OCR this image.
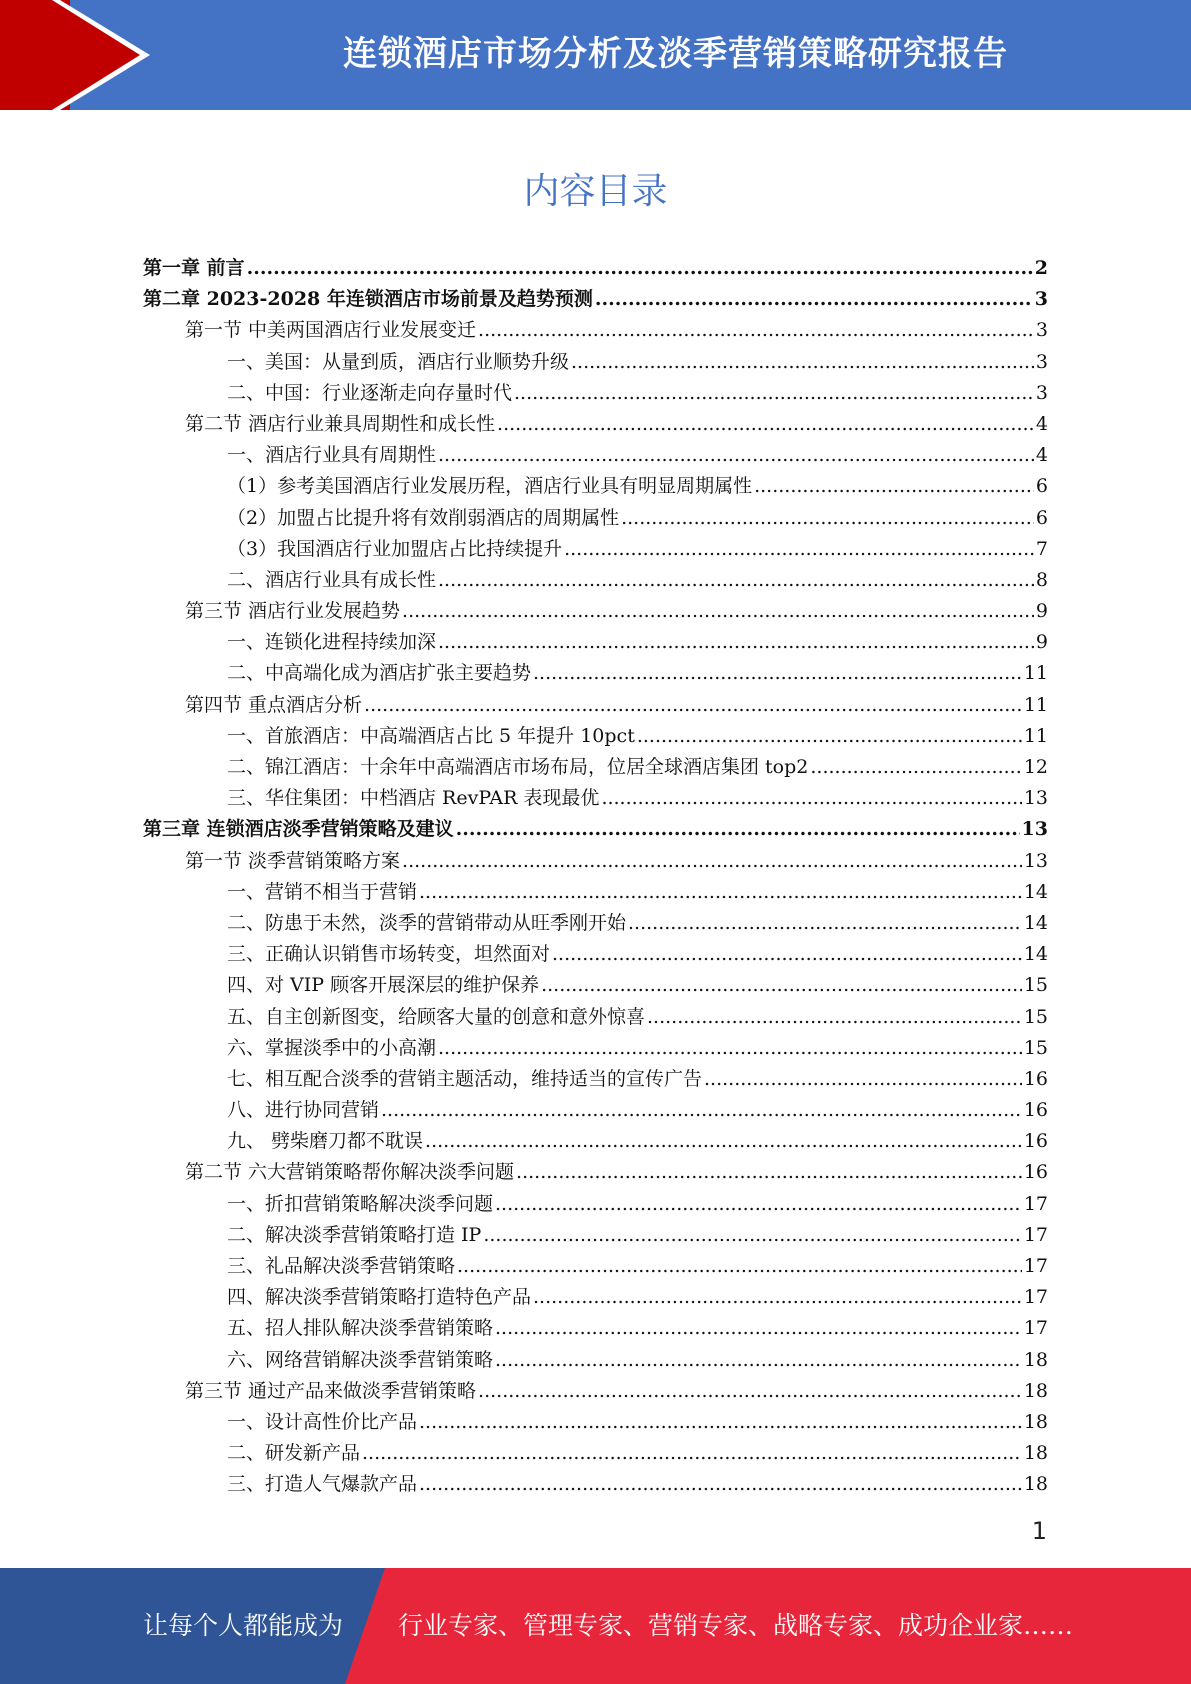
连锁酒店市场分析及淡季营销策略研究报告
内容目录
第一章 前言 .....	2
第二章 2023-2028 年连锁酒店市场前景及趋势预测 .....	3
第一节 中美两国酒店行业发展变迁 .....	3
一、美国：从量到质，酒店行业顺势升级 .....	3
二、中国：行业逐渐走向存量时代 .....	3
第二节 酒店行业兼具周期性和成长性 .....	4
一、酒店行业具有周期性 .....	4
（1）参考美国酒店行业发展历程，酒店行业具有明显周期属性 .....	6
（2）加盟占比提升将有效削弱酒店的周期属性 .....	6
（3）我国酒店行业加盟店占比持续提升 .....	7
二、酒店行业具有成长性 .....	8
第三节 酒店行业发展趋势 .....	9
一、连锁化进程持续加深 .....	9
二、中高端化成为酒店扩张主要趋势 .....	11
第四节 重点酒店分析 .....	11
一、首旅酒店：中高端酒店占比 5 年提升 10pct .....	11
二、锦江酒店：十余年中高端酒店市场布局，位居全球酒店集团 top2 .....	12
三、华住集团：中档酒店 RevPAR 表现最优 .....	13
第三章 连锁酒店淡季营销策略及建议 .....	13
第一节 淡季营销策略方案 .....	13
一、营销不相当于营销 .....	14
二、防患于未然，淡季的营销带动从旺季刚开始 .....	14
三、正确认识销售市场转变，坦然面对 .....	14
四、对 VIP 顾客开展深层的维护保养 .....	15
五、自主创新图变，给顾客大量的创意和意外惊喜 .....	15
六、掌握淡季中的小高潮 .....	15
七、相互配合淡季的营销主题活动，维持适当的宣传广告 .....	16
八、进行协同营销 .....	16
九、 劈柴磨刀都不耽误 .....	16
第二节 六大营销策略帮你解决淡季问题 .....	16
一、折扣营销策略解决淡季问题 .....	17
二、解决淡季营销策略打造 IP .....	17
三、礼品解决淡季营销策略 .....	17
四、解决淡季营销策略打造特色产品 .....	17
五、招人排队解决淡季营销策略 .....	17
六、网络营销解决淡季营销策略 .....	18
第三节 通过产品来做淡季营销策略 .....	18
一、设计高性价比产品 .....	18
二、研发新产品 .....	18
三、打造人气爆款产品 .....	18
1
让每个人都能成为 行业专家、管理专家、营销专家、战略专家、成功企业家……
